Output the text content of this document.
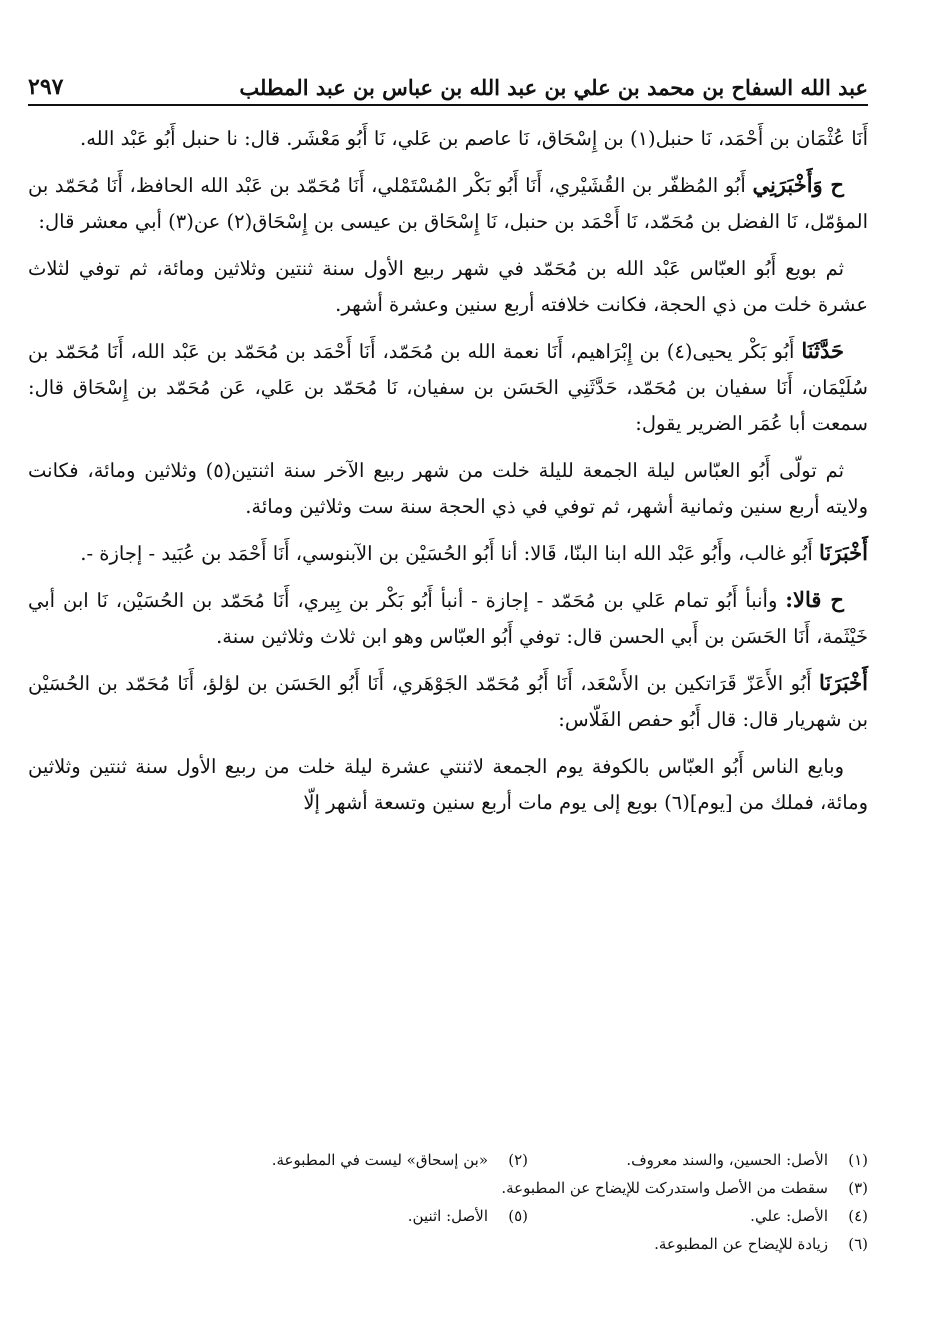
عبد الله السفاح بن محمد بن علي بن عبد الله بن عباس بن عبد المطلب
٢٩٧

أَنَا عُثْمَان بن أَحْمَد، نَا حنبل(١) بن إِسْحَاق، نَا عاصم بن عَلي، نَا أَبُو مَعْشَر. قال: نا حنبل أَبُو عَبْد الله.

ح وَأَخْبَرَنِي أَبُو المُظفّر بن القُشَيْري، أَنَا أَبُو بَكْر المُسْتَمْلي، أَنَا مُحَمّد بن عَبْد الله الحافظ، أَنَا مُحَمّد بن المؤمّل، نَا الفضل بن مُحَمّد، نَا أَحْمَد بن حنبل، نَا إِسْحَاق بن عيسى بن إِسْحَاق(٢) عن(٣) أبي معشر قال:

ثم بويع أَبُو العبّاس عَبْد الله بن مُحَمّد في شهر ربيع الأول سنة ثنتين وثلاثين ومائة، ثم توفي لثلاث عشرة خلت من ذي الحجة، فكانت خلافته أربع سنين وعشرة أشهر.

حَدَّثَنَا أَبُو بَكْر يحيى(٤) بن إِبْرَاهيم، أَنَا نعمة الله بن مُحَمّد، أَنَا أَحْمَد بن مُحَمّد بن عَبْد الله، أَنَا مُحَمّد بن سُلَيْمَان، أَنَا سفيان بن مُحَمّد، حَدَّثَنِي الحَسَن بن سفيان، نَا مُحَمّد بن عَلي، عَن مُحَمّد بن إِسْحَاق قال: سمعت أبا عُمَر الضرير يقول:

ثم تولّى أَبُو العبّاس ليلة الجمعة لليلة خلت من شهر ربيع الآخر سنة اثنتين(٥) وثلاثين ومائة، فكانت ولايته أربع سنين وثمانية أشهر، ثم توفي في ذي الحجة سنة ست وثلاثين ومائة.

أَخْبَرَنَا أَبُو غالب، وأَبُو عَبْد الله ابنا البنّا، قَالا: أنا أَبُو الحُسَيْن بن الآبنوسي، أَنَا أَحْمَد بن عُبَيد - إجازة -.

ح قالا: وأنبأ أَبُو تمام عَلي بن مُحَمّد - إجازة - أنبأ أَبُو بَكْر بن بِيري، أَنَا مُحَمّد بن الحُسَيْن، نَا ابن أبي خَيْثَمة، أَنَا الحَسَن بن أَبي الحسن قال: توفي أَبُو العبّاس وهو ابن ثلاث وثلاثين سنة.

أَخْبَرَنَا أَبُو الأَعَزّ قَرَاتكين بن الأَسْعَد، أَنَا أَبُو مُحَمّد الجَوْهَري، أَنَا أَبُو الحَسَن بن لؤلؤ، أَنَا مُحَمّد بن الحُسَيْن بن شهريار قال: قال أَبُو حفص الفَلّاس:

وبايع الناس أَبُو العبّاس بالكوفة يوم الجمعة لاثنتي عشرة ليلة خلت من ربيع الأول سنة ثنتين وثلاثين ومائة، فملك من [يوم](٦) بويع إلى يوم مات أربع سنين وتسعة أشهر إلّا

(١)الأصل: الحسين، والسند معروف.
(٢)«بن إسحاق» ليست في المطبوعة.
(٣)سقطت من الأصل واستدركت للإيضاح عن المطبوعة.
(٤)الأصل: علي.
(٥)الأصل: اثنين.
(٦)زيادة للإيضاح عن المطبوعة.
